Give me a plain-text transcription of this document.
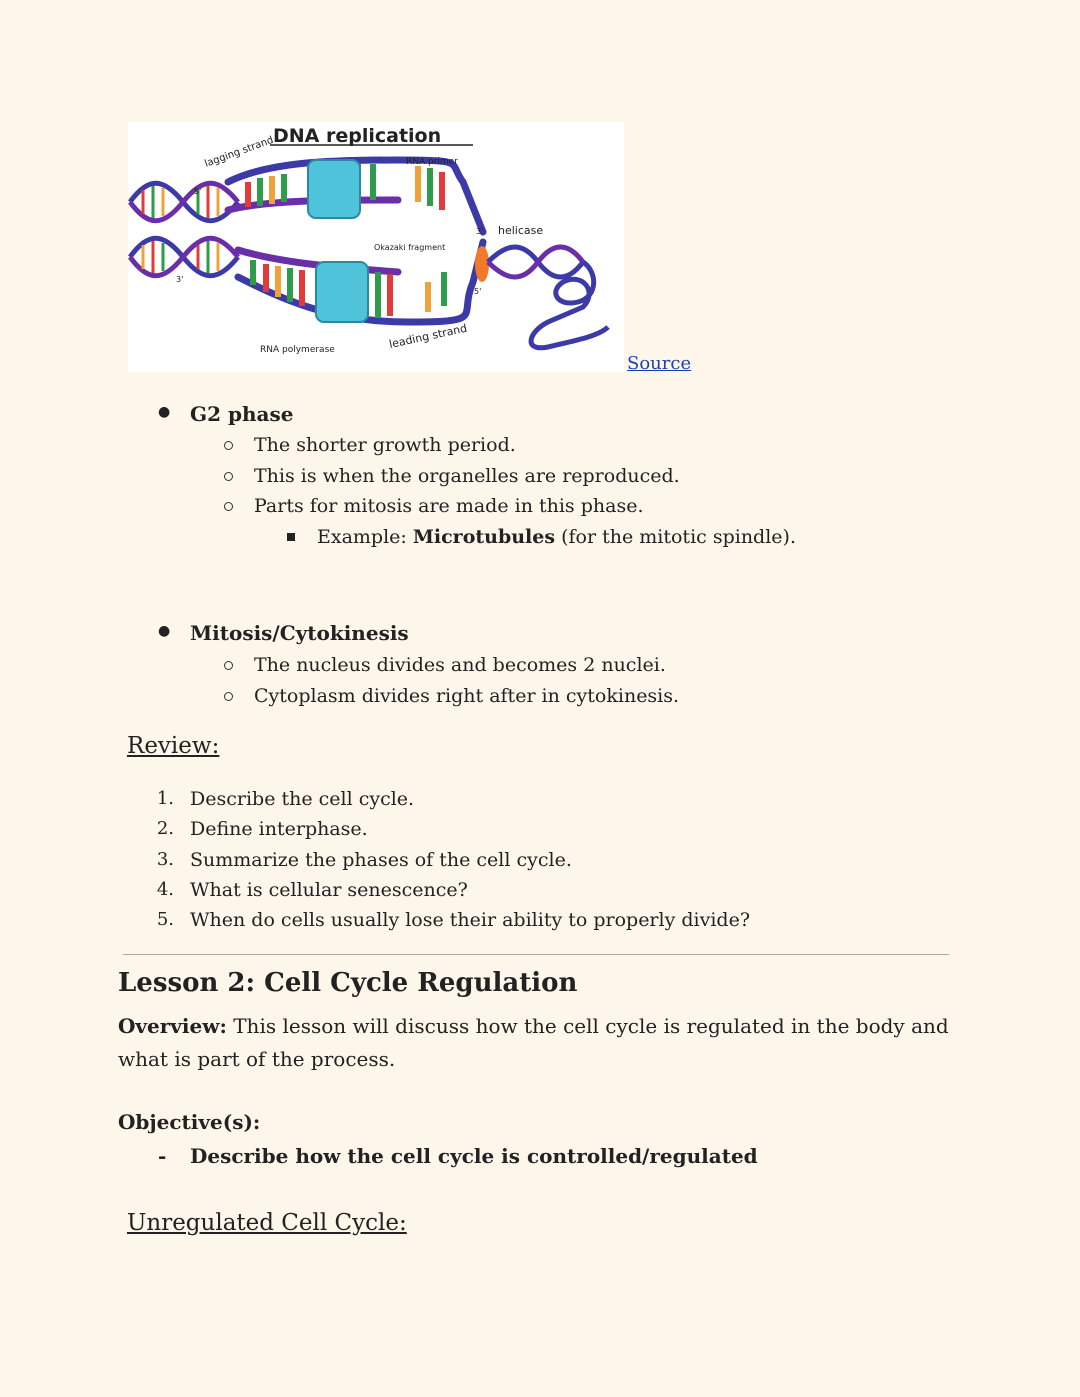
DNA replication
lagging strand
5'
3'
RNA primer
helicase
3'
5'
Okazaki fragment
RNA polymerase	leading strand
Source
● G2 phase
The shorter growth period.
This is when the organelles are reproduced.
Parts for mitosis are made in this phase.
Example: Microtubules (for the mitotic spindle).
● Mitosis/Cytokinesis
The nucleus divides and becomes 2 nuclei.
Cytoplasm divides right after in cytokinesis.
Review:
1. Describe the cell cycle.
2. Define interphase.
3. Summarize the phases of the cell cycle.
4. What is cellular senescence?
5. When do cells usually lose their ability to properly divide?
Lesson 2: Cell Cycle Regulation
Overview: This lesson will discuss how the cell cycle is regulated in the body and what is part of the process.
Objective(s):
- Describe how the cell cycle is controlled/regulated
Unregulated Cell Cycle:
